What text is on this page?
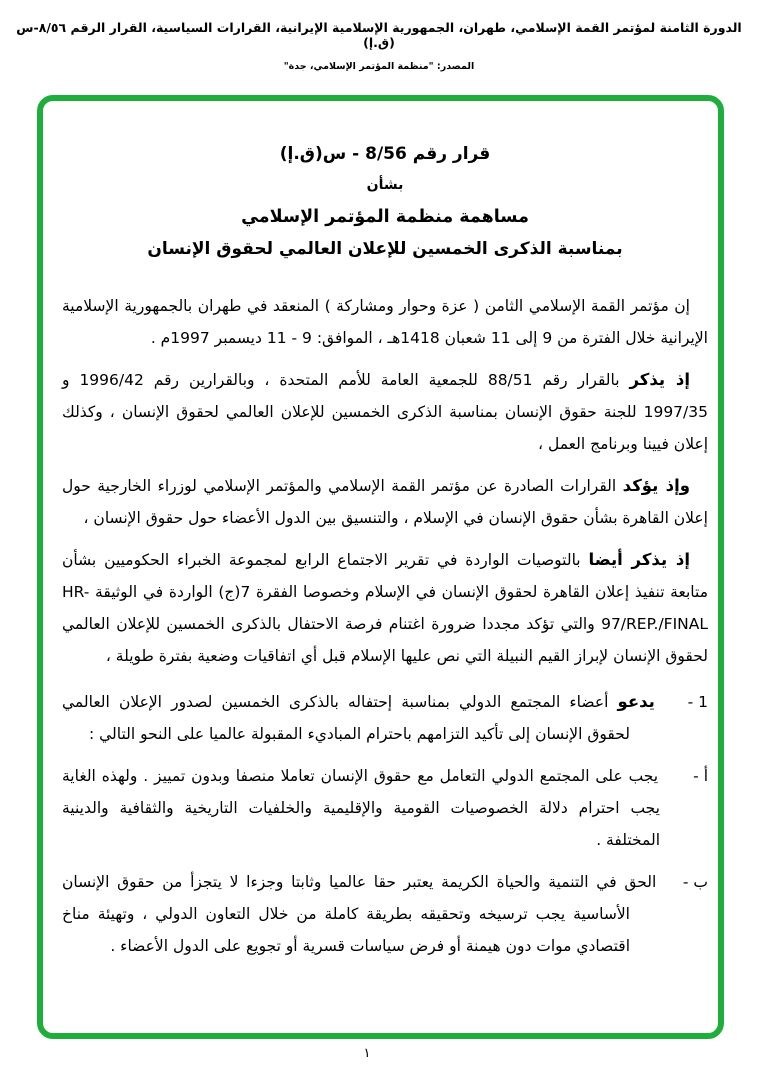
الدورة الثامنة لمؤتمر القمة الإسلامي، طهران، الجمهورية الإسلامية الإيرانية، القرارات السياسية، القرار الرقم ٨/٥٦-س (ق.إ)
المصدر: "منظمة المؤتمر الإسلامي، جدة"
قرار رقم 8/56 - س(ق.إ)
بشأن
مساهمة منظمة المؤتمر الإسلامي
بمناسبة الذكرى الخمسين للإعلان العالمي لحقوق الإنسان

إن مؤتمر القمة الإسلامي الثامن ( عزة وحوار ومشاركة ) المنعقد في طهران بالجمهورية الإسلامية الإيرانية خلال الفترة من 9 إلى 11 شعبان 1418هـ ، الموافق: 9 - 11 ديسمبر 1997م .

إذ يذكر بالقرار رقم 88/51 للجمعية العامة للأمم المتحدة ، وبالقرارين رقم 1996/42 و 1997/35 للجنة حقوق الإنسان بمناسبة الذكرى الخمسين للإعلان العالمي لحقوق الإنسان ، وكذلك إعلان فيينا وبرنامج العمل ،

وإذ يؤكد القرارات الصادرة عن مؤتمر القمة الإسلامي والمؤتمر الإسلامي لوزراء الخارجية حول إعلان القاهرة بشأن حقوق الإنسان في الإسلام ، والتنسيق بين الدول الأعضاء حول حقوق الإنسان ،

إذ يذكر أيضا بالتوصيات الواردة في تقرير الاجتماع الرابع لمجموعة الخبراء الحكوميين بشأن متابعة تنفيذ إعلان القاهرة لحقوق الإنسان في الإسلام وخصوصا الفقرة 7(ج) الواردة في الوثيقة HR-97/REP./FINAL والتي تؤكد مجددا ضرورة اغتنام فرصة الاحتفال بالذكرى الخمسين للإعلان العالمي لحقوق الإنسان لإبراز القيم النبيلة التي نص عليها الإسلام قبل أي اتفاقيات وضعية بفترة طويلة ،

1 - يدعو أعضاء المجتمع الدولي بمناسبة إحتفاله بالذكرى الخمسين لصدور الإعلان العالمي لحقوق الإنسان إلى تأكيد التزامهم باحترام المباديء المقبولة عالميا على النحو التالي :

أ - يجب على المجتمع الدولي التعامل مع حقوق الإنسان تعاملا منصفا وبدون تمييز . ولهذه الغاية يجب احترام دلالة الخصوصيات القومية والإقليمية والخلفيات التاريخية والثقافية والدينية المختلفة .

ب - الحق في التنمية والحياة الكريمة يعتبر حقا عالميا وثابتا وجزءا لا يتجزأ من حقوق الإنسان الأساسية يجب ترسيخه وتحقيقه بطريقة كاملة من خلال التعاون الدولي ، وتهيئة مناخ اقتصادي موات دون هيمنة أو فرض سياسات قسرية أو تجويع على الدول الأعضاء .

١
